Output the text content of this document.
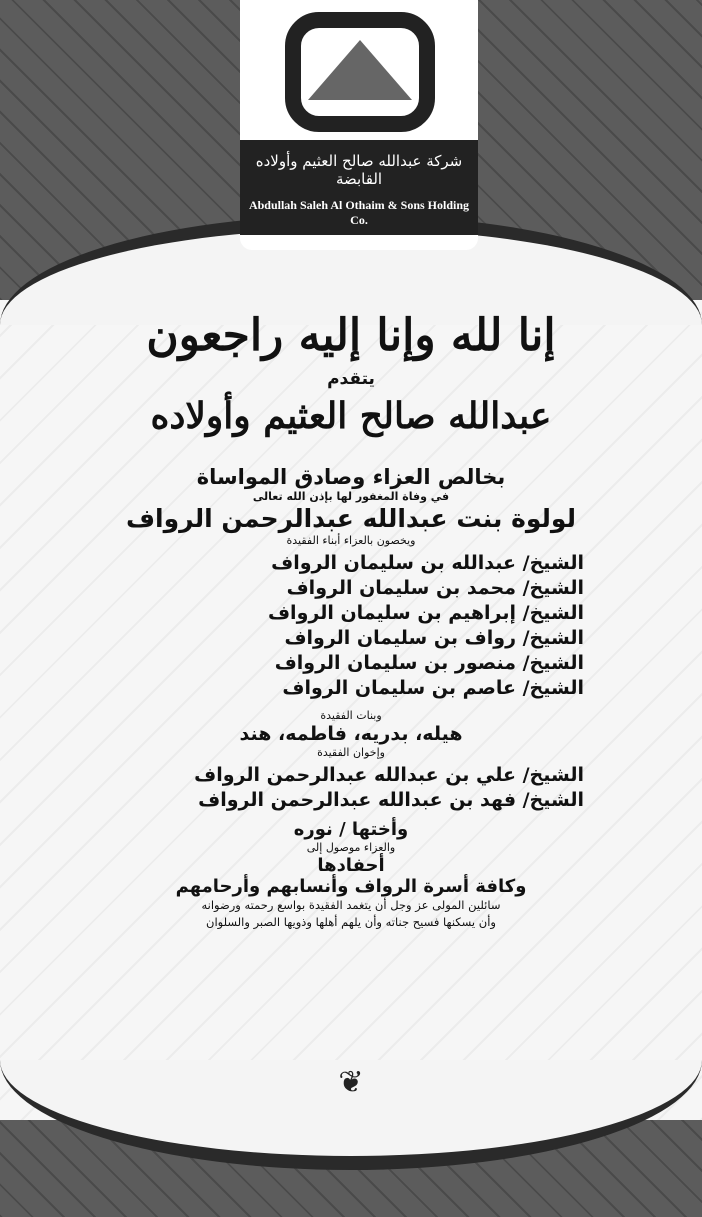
شركة عبدالله صالح العثيم وأولاده القابضة
Abdullah Saleh Al Othaim & Sons Holding Co.
إنا لله وإنا إليه راجعون
يتقدم
عبدالله صالح العثيم وأولاده
بخالص العزاء وصادق المواساة
في وفاة المغفور لها بإذن الله تعالى
لولوة بنت عبدالله عبدالرحمن الرواف
ويخصون بالعزاء أبناء الفقيدة
الشيخ/ عبدالله بن سليمان الرواف
الشيخ/ محمد بن سليمان الرواف
الشيخ/ إبراهيم بن سليمان الرواف
الشيخ/ رواف بن سليمان الرواف
الشيخ/ منصور بن سليمان الرواف
الشيخ/ عاصم بن سليمان الرواف
وبنات الفقيدة
هيله، بدريه، فاطمه، هند
وإخوان الفقيدة
الشيخ/ علي بن عبدالله عبدالرحمن الرواف
الشيخ/ فهد بن عبدالله عبدالرحمن الرواف
وأختها / نوره
والعزاء موصول إلى
أحفادها
وكافة أسرة الرواف وأنسابهم وأرحامهم
سائلين المولى عز وجل أن يتغمد الفقيدة بواسع رحمته ورضوانه
وأن يسكنها فسيح جناته وأن يلهم أهلها وذويها الصبر والسلوان
❦
